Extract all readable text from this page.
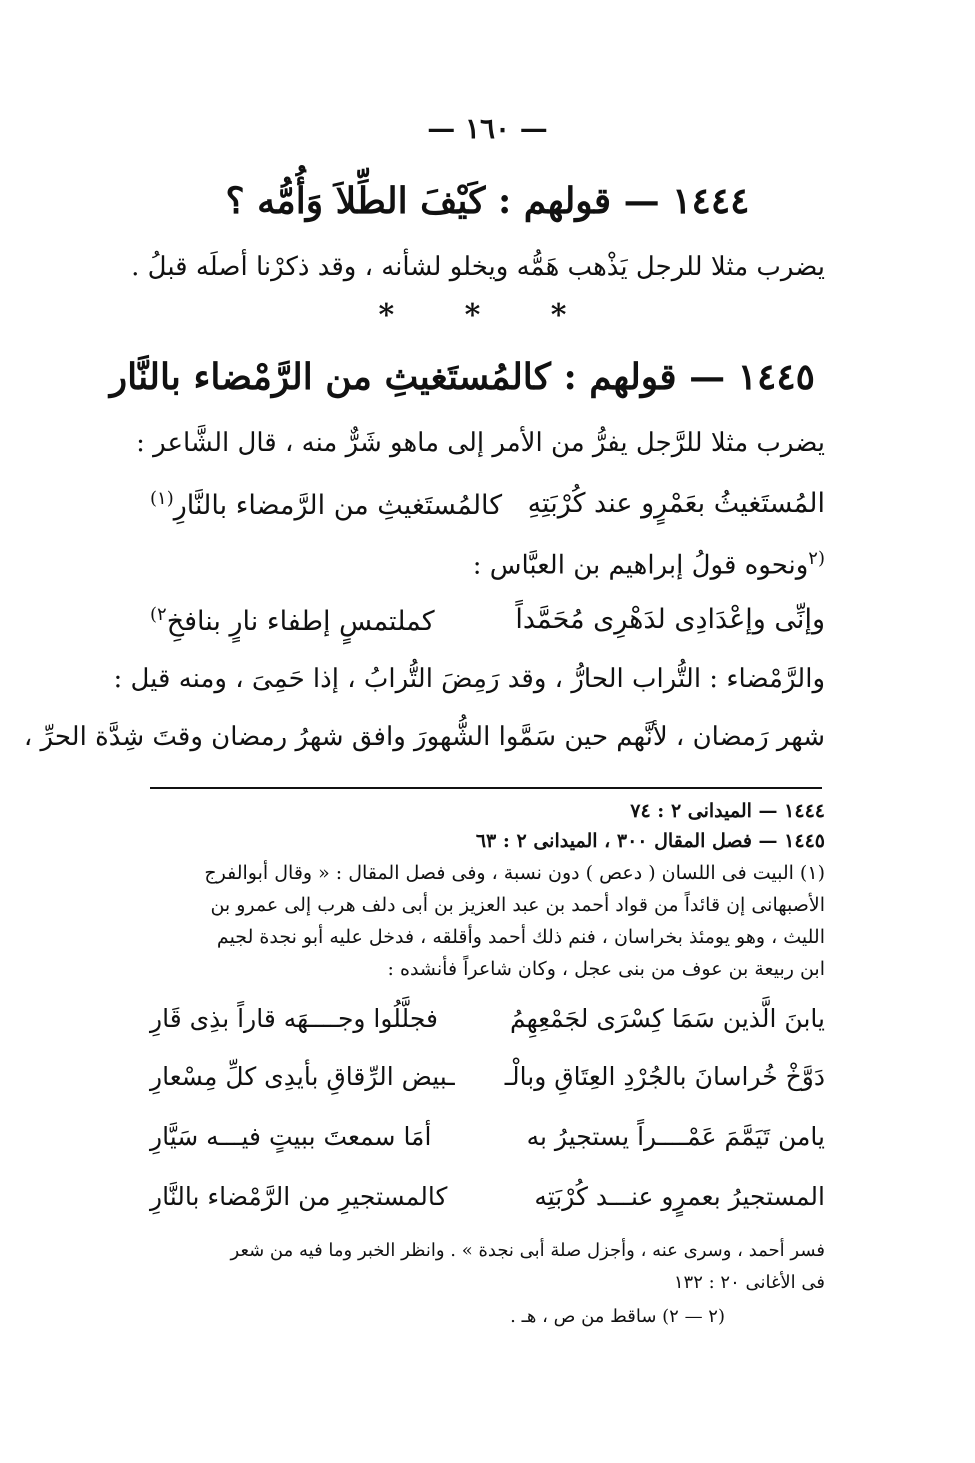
— ١٦٠ —
١٤٤٤ — قولهم : كَيْفَ الطِّلاَ وَأُمُّه ؟
يضرب مثلا للرجل يَذْهب هَمُّه ويخلو لشأنه ، وقد ذكرْنا أصلَه قبلُ .
* * *
١٤٤٥ — قولهم : كالمُستَغيثِ من الرَّمْضاء بالنَّار
يضرب مثلا للرَّجل يفرُّ من الأمر إلى ماهو شَرٌّ منه ، قال الشَّاعر :
المُستَغيثُ بعَمْرٍو عند كُرْبَتِهِ
كالمُستَغيثِ من الرَّمضاء بالنَّارِ(١)
$^{(٢}$ونحوه قولُ إبراهيم بن العبَّاس :
وإنِّى وإعْدَادِى لدَهْرِى مُحَمَّداً
كملتمسٍ إطفاء نارٍ بنافخِ٢)
والرَّمْضاء : التُّراب الحارُّ ، وقد رَمِضَ التُّرابُ ، إذا حَمِىَ ، ومنه قيل :
شهر رَمضان ، لأنَّهم حين سَمَّوا الشُّهورَ وافق شهرُ رمضان وقتَ شِدَّة الحرِّ ،
١٤٤٤ — الميدانى ٢ : ٧٤
١٤٤٥ — فصل المقال ٣٠٠ ، الميدانى ٢ : ٦٣
(١) البيت فى اللسان ( دعص ) دون نسبة ، وفى فصل المقال : « وقال أبوالفرج
الأصبهانى إن قائداً من قواد أحمد بن عبد العزيز بن أبى دلف هرب إلى عمرو بن
الليث ، وهو يومئذ بخراسان ، فنم ذلك أحمد وأقلقه ، فدخل عليه أبو نجدة لجيم
ابن ربيعة بن عوف من بنى عجل ، وكان شاعراً فأنشده :
يابنَ الَّذين سَمَا كِسْرَى لجَمْعِهِمُ
فجلَّلُوا وجــــهَه قاراً بذِى قَارِ
دَوَّخْ خُراسانَ بالجُرْدِ العِتَاقِ وبالْـ
ـبيض الرِّقاقِ بأيدِى كلِّ مِسْعارِ
يامن تَيَمَّمَ عَمْــــراً يستجيرُ به
أمَا سمعتَ ببيتٍ فيـــه سَيَّارِ
المستجيرُ بعمرٍو عنـــد كُرْبَتِه
كالمستجيرِ من الرَّمْضاء بالنَّارِ
فسر أحمد ، وسرى عنه ، وأجزل صلة أبى نجدة » . وانظر الخبر وما فيه من شعر
فى الأغانى ٢٠ : ١٣٢
(٢ — ٢) ساقط من ص ، هـ .
